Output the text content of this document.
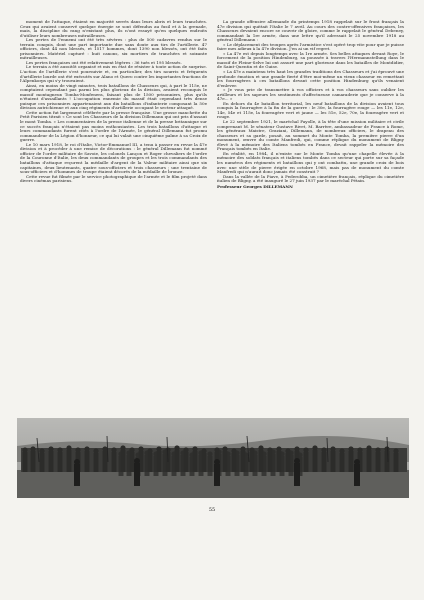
moment de l'attaque, étaient en majorité serrés dans leurs abris et leurs tranchées. Ceux qui avaient conservé quelque énergie se sont défendus au fusil et à la grenade, mais, la discipline du rang n'existant plus, ils n'ont essayé qu'en quelques endroits d'utiliser leurs nombreuses mitrailleuses.

Les pertes de l'ennemi ont été très sévères : plus de 500 cadavres rendus sur le terrain conquis, dont une part importante due sans doute aux tirs de l'artillerie. 47 officiers, dont 44 non blessés, et 1517 hommes, dont 1390 non blessés, ont été faits prisonniers. Matériel capturé : huit canons, six mortiers de tranchées et soixante mitrailleuses.

Les pertes françaises ont été relativement légères : 36 tués et 195 blessés.

Le terrain a été aussitôt organisé et mis en état de résister à toute action de surprise. L'action de l'artillerie s'est poursuivie et, en particulier, des tirs nourris et fréquents d'artillerie lourde ont été exécutés sur Alano et Quero contre les importantes fractions de l'Alpenkorps qui s'y trouvaient.

Ainsi, en moins de vingt minutes, trois bataillons de Chasseurs qui, à part le 115e, ne comptaient cependant pas parmi les plus glorieux de la division, avaient reconquis le massif montagneux Tomba-Monfenera, faisant plus de 1500 prisonniers, plus qu'ils n'étaient d'assaillants ! L'occupation ennemie du massif était cependant très dense puisque ces prisonniers appartenaient aux dix bataillons d'infanterie composant la 50e division autrichienne et aux cinq régiments d'artillerie occupant le secteur attaqué.

Cette action fut largement célébrée par la presse française. Une grosse manchette du Petit Parisien titrait « Ce sont les Chasseurs de la division Dillemann qui ont pris d'assaut le mont Tomba. » Les commentaires de la presse italienne et de la presse britannique sur ce succès français n'étaient pas moins enthousiastes. Les trois bataillons d'attaque et leurs commandants furent cités à l'ordre de l'Armée, le général Dillemann fut promu commandeur de la Légion d'honneur, ce qui lui valait une cinquième palme à sa Croix de guerre.

Le 10 mars 1918, le roi d'Italie, Victor-Emmanuel III, a tenu à passer en revue la 47e division et à procéder à une remise de décorations : le général Dillemann fut nommé officier de l'ordre militaire de Savoie, les colonels Lançon et Roger chevaliers de l'ordre de la Couronne d'Italie, les deux commandants de groupes et les trois commandants des bataillons d'attaque reçurent la médaille d'argent de la Valeur militaire ainsi que six capitaines, deux lieutenants, quatre sous-officiers et trois chasseurs ; une trentaine de sous-officiers et d'hommes de troupe étaient décorés de la médaille de bronze.

Cette revue fut filmée par le service photographique de l'armée et le film projeté dans divers cinémas parisiens.

La grande offensive allemande du printemps 1918 rappelait sur le front français la 47e division qui quittait l'Italie le 7 avril. Au cours des contre-offensives françaises, les Chasseurs devaient encore se couvrir de gloire, comme le rappelait le général Debeney, commandant la 1re armée, dans une lettre qu'il adressait le 25 novembre 1918 au général Dillemann :

« Le déplacement des troupes après l'armistice s'est opéré trop vite pour que je puisse faire mes adieux à la 47e division. J'en ai un vif regret.

« La 47e est depuis longtemps avec la 1re armée. Ses belles attaques devant Roye, le forcement de la position Hindenburg, sa poussée à travers l'Hermannstellung dans le massif de Pleine-Selve lui ont assuré une part glorieuse dans les batailles de Montdidier, de Saint-Quentin et de Guise.

« La 47e a maintenu très haut les grandes traditions des Chasseurs et j'ai éprouvé une profonde émotion et une grande fierté d'être moi-même un vieux chasseur en remettant les fourragères à ces bataillons devant cette position Hindenburg qu'ils venaient d'enlever.

« Je vous prie de transmettre à vos officiers et à vos chasseurs sans oublier les artilleurs et les sapeurs les sentiments d'affectueuse camaraderie que je conserve à la 47e... »

En dehors du 4e bataillon territorial, les neuf bataillons de la division avaient tous conquis la fourragère à la fin de la guerre : le 30e, la fourragère rouge — les 11e, 12e, 14e, 54e et 115e, la fourragère vert et jaune — les 51e, 52e, 70e, la fourragère vert et rouge.

Le 22 septembre 1921, le maréchal Fayolle, à la tête d'une mission militaire et civile comprenant M. le sénateur Gustave Rivet, M. Barrère, ambassadeur de France à Rome, les généraux Maistre, Graziani, Dillemann, de nombreux officiers, le drapeau des chasseurs et sa garde, posait, au sommet du Monte Tomba, la première pierre d'un monument, œuvre du comte Manfredi, qui, comme réplique du monument de Bligny élevé à la mémoire des Italiens tombés en France, devait rappeler la mémoire des Français tombés en Italie.

En réalité, en 1984, il n'existe sur le Monte Tomba qu'une chapelle élevée à la mémoire des soldats français et italiens tombés dans ce secteur qui porte sur sa façade les numéros des régiments et bataillons qui y ont combattu, une grande croix de bois avec une stèle de pierre érigée en octobre 1968, mais pas de monument du comte Manfredi qui n'aurait donc jamais été construit ?

Dans la vallée de la Piave, à Pederobba, un cimetière français, réplique du cimetière italien de Bligny, a été inauguré le 27 juin 1937 par le maréchal Pétain.

Professeur Georges DILLEMANN

55
